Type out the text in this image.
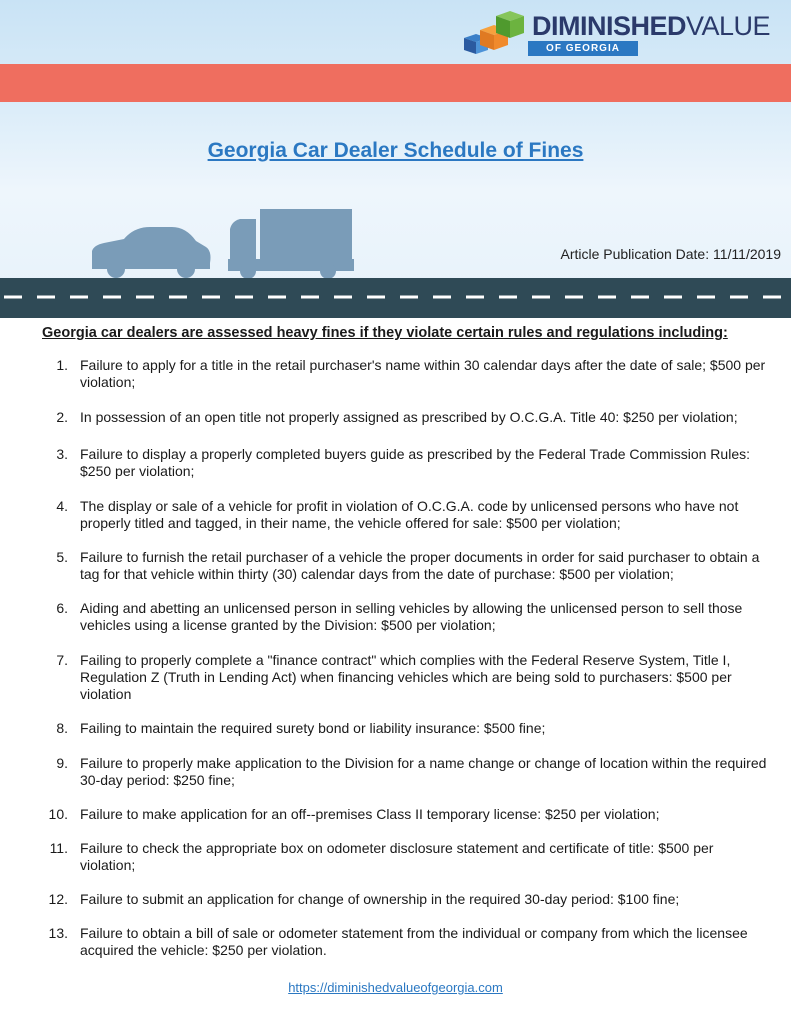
DIMINISHEDVALUE
OF GEORGIA
Georgia Car Dealer Schedule of Fines
Article Publication Date: 11/11/2019
Georgia car dealers are assessed heavy fines if they violate certain rules and regulations including:
1. Failure to apply for a title in the retail purchaser's name within 30 calendar days after the date of sale; $500 per violation;
2. In possession of an open title not properly assigned as prescribed by O.C.G.A. Title 40: $250 per violation;
3. Failure to display a properly completed buyers guide as prescribed by the Federal Trade Commission Rules: $250 per violation;
4. The display or sale of a vehicle for profit in violation of O.C.G.A. code by unlicensed persons who have not properly titled and tagged, in their name, the vehicle offered for sale: $500 per violation;
5. Failure to furnish the retail purchaser of a vehicle the proper documents in order for said purchaser to obtain a tag for that vehicle within thirty (30) calendar days from the date of purchase: $500 per violation;
6. Aiding and abetting an unlicensed person in selling vehicles by allowing the unlicensed person to sell those vehicles using a license granted by the Division: $500 per violation;
7. Failing to properly complete a "finance contract" which complies with the Federal Reserve System, Title I, Regulation Z (Truth in Lending Act) when financing vehicles which are being sold to purchasers: $500 per violation
8. Failing to maintain the required surety bond or liability insurance: $500 fine;
9. Failure to properly make application to the Division for a name change or change of location within the required 30-day period: $250 fine;
10. Failure to make application for an off--premises Class II temporary license: $250 per violation;
11. Failure to check the appropriate box on odometer disclosure statement and certificate of title: $500 per violation;
12. Failure to submit an application for change of ownership in the required 30-day period: $100 fine;
13. Failure to obtain a bill of sale or odometer statement from the individual or company from which the licensee acquired the vehicle: $250 per violation.
https://diminishedvalueofgeorgia.com
